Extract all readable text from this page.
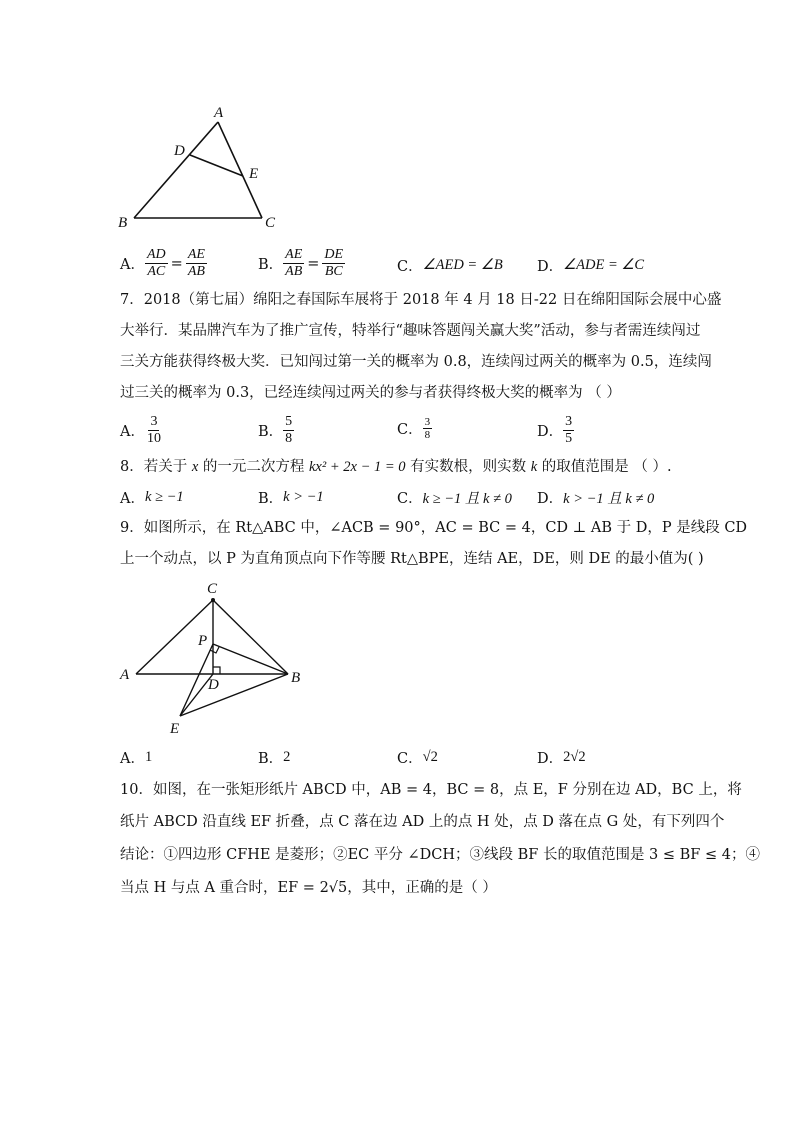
A
D
E
B	C
A． $\frac{AD}{AC} = \frac{AE}{AB}$	B． $\frac{AE}{AB} = \frac{DE}{BC}$	C． ∠AED = ∠B D． ∠ADE = ∠C
7．2018（第七届）绵阳之春国际车展将于 2018 年 4 月 18 日-22 日在绵阳国际会展中心盛
大举行．某品牌汽车为了推广宣传，特举行“趣味答题闯关赢大奖”活动，参与者需连续闯过
三关方能获得终极大奖．已知闯过第一关的概率为 0.8，连续闯过两关的概率为 0.5，连续闯
过三关的概率为 0.3，已经连续闯过两关的参与者获得终极大奖的概率为 （ ）
A． $\frac{3}{10}$	B． $\frac{5}{8}$	C． $\frac{3}{8}$	D． $\frac{3}{5}$
8．若关于 x 的一元二次方程 kx² + 2x − 1 = 0 有实数根，则实数 k 的取值范围是 （ ）.
A． k ≥ −1	B． k > −1	C． k ≥ −1 且 k ≠ 0 D． k > −1 且 k ≠ 0
9．如图所示，在 Rt△ABC 中，∠ACB = 90°，AC = BC = 4，CD ⊥ AB 于 D，P 是线段 CD
上一个动点，以 P 为直角顶点向下作等腰 Rt△BPE，连结 AE，DE，则 DE 的最小值为( )
C
P
A
D	B
E
A． 1	B． 2	C． √2	D． 2√2
10．如图，在一张矩形纸片 ABCD 中，AB = 4，BC = 8，点 E，F 分别在边 AD，BC 上，将
纸片 ABCD 沿直线 EF 折叠，点 C 落在边 AD 上的点 H 处，点 D 落在点 G 处，有下列四个
结论：①四边形 CFHE 是菱形；②EC 平分 ∠DCH；③线段 BF 长的取值范围是 3 ≤ BF ≤ 4；④
当点 H 与点 A 重合时，EF = 2√5，其中，正确的是（ ）
